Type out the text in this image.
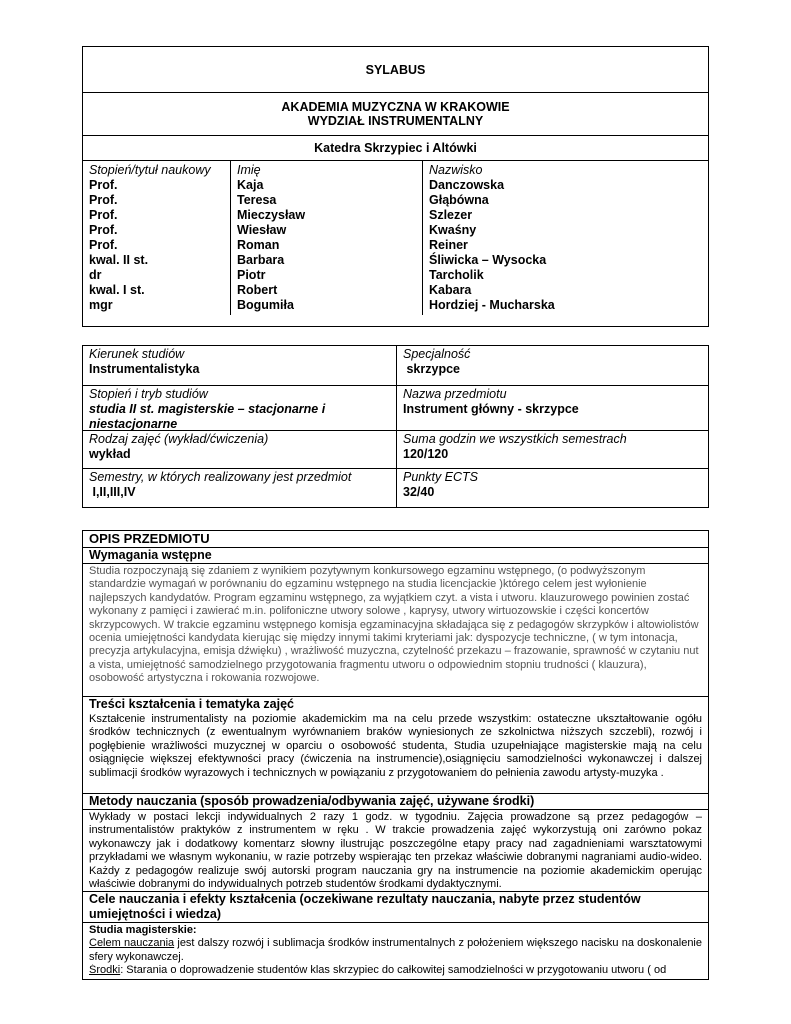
SYLABUS
AKADEMIA MUZYCZNA W KRAKOWIE
WYDZIAŁ INSTRUMENTALNY
Katedra Skrzypiec i Altówki
Stopień/tytuł naukowy
Prof.
Prof.
Prof.
Prof.
Prof.
kwal. II st.
dr
kwal. I st.
mgr
Imię
Kaja
Teresa
Mieczysław
Wiesław
Roman
Barbara
Piotr
Robert
Bogumiła
Nazwisko
Danczowska
Głąbówna
Szlezer
Kwaśny
Reiner
Śliwicka – Wysocka
Tarcholik
Kabara
Hordziej - Mucharska
Kierunek studiów
Instrumentalistyka
Specjalność
skrzypce
Stopień i tryb studiów
studia II st. magisterskie – stacjonarne i niestacjonarne
Nazwa przedmiotu
Instrument główny - skrzypce
Rodzaj zajęć (wykład/ćwiczenia)
wykład
Suma godzin we wszystkich semestrach
120/120
Semestry, w których realizowany jest przedmiot
I,II,III,IV
Punkty ECTS
32/40
OPIS PRZEDMIOTU
Wymagania wstępne
Studia rozpoczynają się zdaniem z wynikiem pozytywnym konkursowego egzaminu wstępnego, (o podwyższonym standardzie wymagań w porównaniu do egzaminu wstępnego na studia licencjackie )którego celem jest wyłonienie najlepszych kandydatów. Program egzaminu wstępnego, za wyjątkiem czyt. a vista i utworu. klauzurowego powinien zostać wykonany z pamięci i zawierać m.in. polifoniczne utwory solowe , kaprysy, utwory wirtuozowskie i części koncertów skrzypcowych. W trakcie egzaminu wstępnego komisja egzaminacyjna składająca się z pedagogów skrzypków i altowiolistów ocenia umiejętności kandydata kierując się między innymi takimi kryteriami jak: dyspozycje techniczne, ( w tym intonacja, precyzja artykulacyjna, emisja dźwięku) , wrażliwość muzyczna, czytelność przekazu – frazowanie, sprawność w czytaniu nut a vista, umiejętność samodzielnego przygotowania fragmentu utworu o odpowiednim stopniu trudności ( klauzura), osobowość artystyczna i rokowania rozwojowe.
Treści kształcenia i tematyka zajęć
Kształcenie instrumentalisty na poziomie akademickim ma na celu przede wszystkim: ostateczne ukształtowanie ogółu środków technicznych (z ewentualnym wyrównaniem braków wyniesionych ze szkolnictwa niższych szczebli), rozwój i pogłębienie wrażliwości muzycznej w oparciu o osobowość studenta, Studia uzupełniające magisterskie mają na celu osiągnięcie większej efektywności pracy (ćwiczenia na instrumencie),osiągnięciu samodzielności wykonawczej i dalszej sublimacji środków wyrazowych i technicznych w powiązaniu z przygotowaniem do pełnienia zawodu artysty-muzyka .
Metody nauczania (sposób prowadzenia/odbywania zajęć, używane środki)
Wykłady w postaci lekcji indywidualnych 2 razy 1 godz. w tygodniu. Zajęcia prowadzone są przez pedagogów – instrumentalistów praktyków z instrumentem w ręku . W trakcie prowadzenia zajęć wykorzystują oni zarówno pokaz wykonawczy jak i dodatkowy komentarz słowny ilustrując poszczególne etapy pracy nad zagadnieniami warsztatowymi przykładami we własnym wykonaniu, w razie potrzeby wspierając ten przekaz właściwie dobranymi nagraniami audio-wideo. Każdy z pedagogów realizuje swój autorski program nauczania gry na instrumencie na poziomie akademickim operując właściwie dobranymi do indywidualnych potrzeb studentów środkami dydaktycznymi.
Cele nauczania i efekty kształcenia (oczekiwane rezultaty nauczania, nabyte przez studentów umiejętności i wiedza)
Studia magisterskie:
Celem nauczania jest dalszy rozwój i sublimacja środków instrumentalnych z położeniem większego nacisku na doskonalenie sfery wykonawczej.
Środki: Starania o doprowadzenie studentów klas skrzypiec do całkowitej samodzielności w przygotowaniu utworu ( od
